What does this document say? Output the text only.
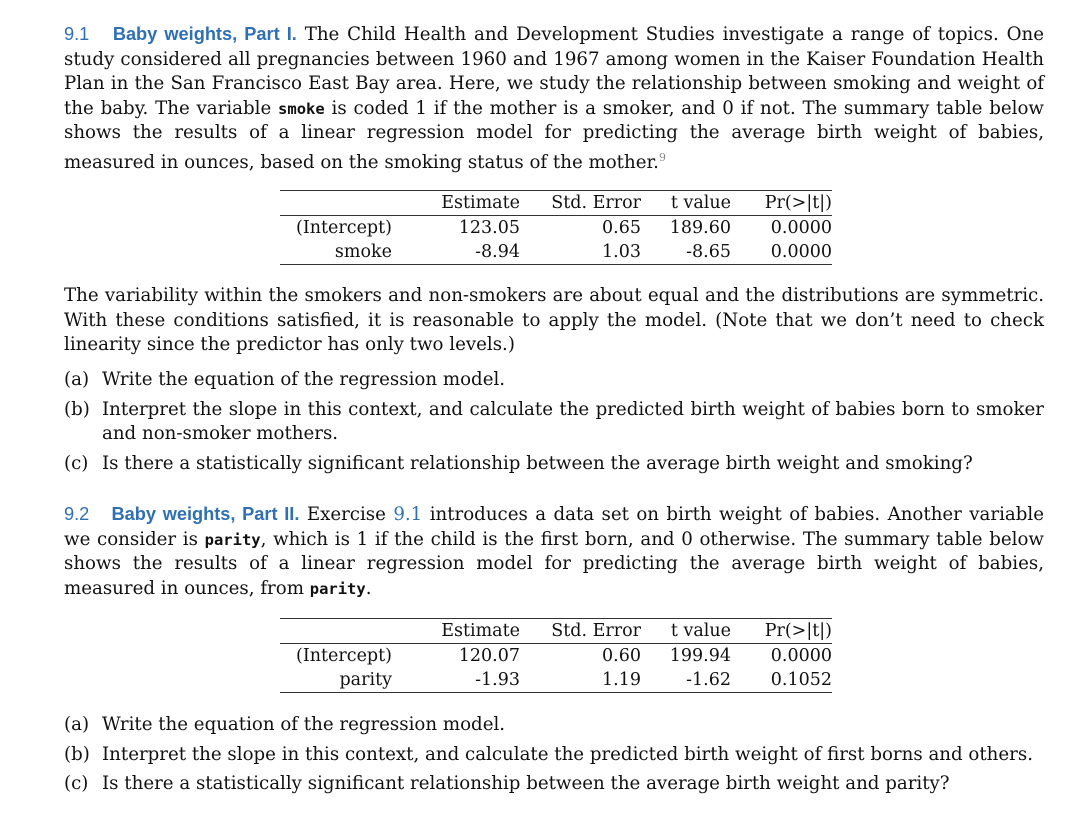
9.1 Baby weights, Part I. The Child Health and Development Studies investigate a range of topics. One study considered all pregnancies between 1960 and 1967 among women in the Kaiser Foundation Health Plan in the San Francisco East Bay area. Here, we study the relationship between smoking and weight of the baby. The variable smoke is coded 1 if the mother is a smoker, and 0 if not. The summary table below shows the results of a linear regression model for predicting the average birth weight of babies, measured in ounces, based on the smoking status of the mother.$^9$

	Estimate	Std. Error	t value	Pr(>|t|)
(Intercept)	123.05	0.65	189.60	0.0000
smoke	-8.94	1.03	-8.65	0.0000

The variability within the smokers and non-smokers are about equal and the distributions are symmetric. With these conditions satisfied, it is reasonable to apply the model. (Note that we don’t need to check linearity since the predictor has only two levels.)

(a) Write the equation of the regression model.
(b) Interpret the slope in this context, and calculate the predicted birth weight of babies born to smoker and non-smoker mothers.
(c) Is there a statistically significant relationship between the average birth weight and smoking?

9.2 Baby weights, Part II. Exercise 9.1 introduces a data set on birth weight of babies. Another variable we consider is parity, which is 1 if the child is the first born, and 0 otherwise. The summary table below shows the results of a linear regression model for predicting the average birth weight of babies, measured in ounces, from parity.

	Estimate	Std. Error	t value	Pr(>|t|)
(Intercept)	120.07	0.60	199.94	0.0000
parity	-1.93	1.19	-1.62	0.1052
(a) Write the equation of the regression model.
(b) Interpret the slope in this context, and calculate the predicted birth weight of first borns and others.
(c) Is there a statistically significant relationship between the average birth weight and parity?
